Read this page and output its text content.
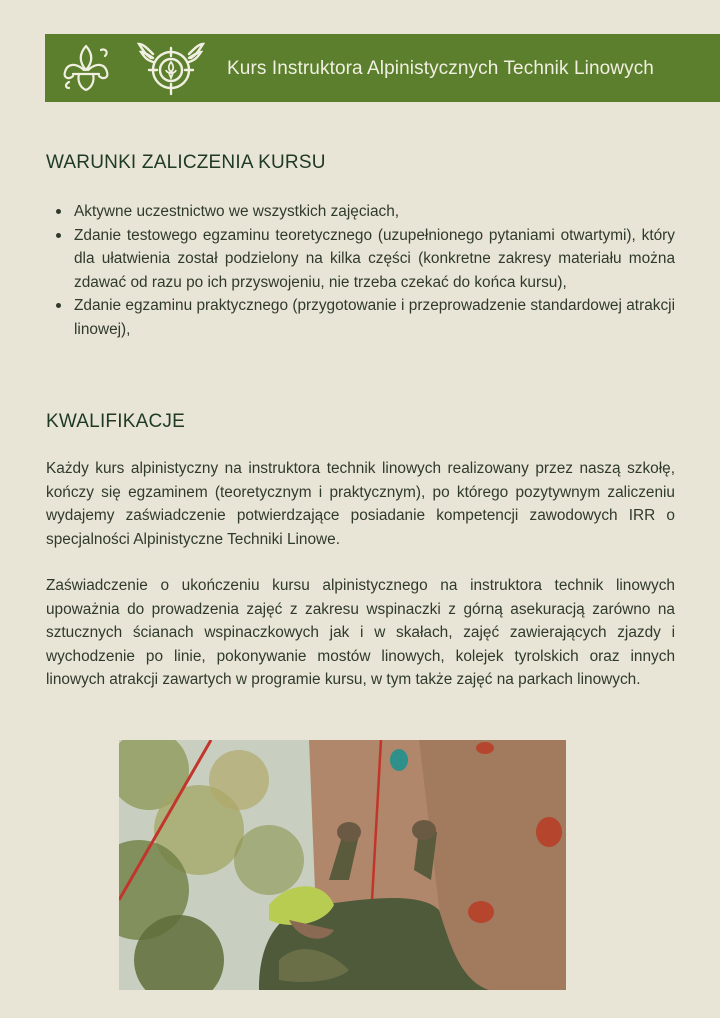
Kurs Instruktora Alpinistycznych Technik Linowych
WARUNKI ZALICZENIA KURSU
Aktywne uczestnictwo we wszystkich zajęciach,
Zdanie testowego egzaminu teoretycznego (uzupełnionego pytaniami otwartymi), który dla ułatwienia został podzielony na kilka części (konkretne zakresy materiału można zdawać od razu po ich przyswojeniu, nie trzeba czekać do końca kursu),
Zdanie egzaminu praktycznego (przygotowanie i przeprowadzenie standardowej atrakcji linowej),
KWALIFIKACJE

Każdy kurs alpinistyczny na instruktora technik linowych realizowany przez naszą szkołę, kończy się egzaminem (teoretycznym i praktycznym), po którego pozytywnym zaliczeniu wydajemy zaświadczenie potwierdzające posiadanie kompetencji zawodowych IRR o specjalności Alpinistyczne Techniki Linowe.

Zaświadczenie o ukończeniu kursu alpinistycznego na instruktora technik linowych upoważnia do prowadzenia zajęć z zakresu wspinaczki z górną asekuracją zarówno na sztucznych ścianach wspinaczkowych jak i w skałach, zajęć zawierających zjazdy i wychodzenie po linie, pokonywanie mostów linowych, kolejek tyrolskich oraz innych linowych atrakcji zawartych w programie kursu, w tym także zajęć na parkach linowych.
